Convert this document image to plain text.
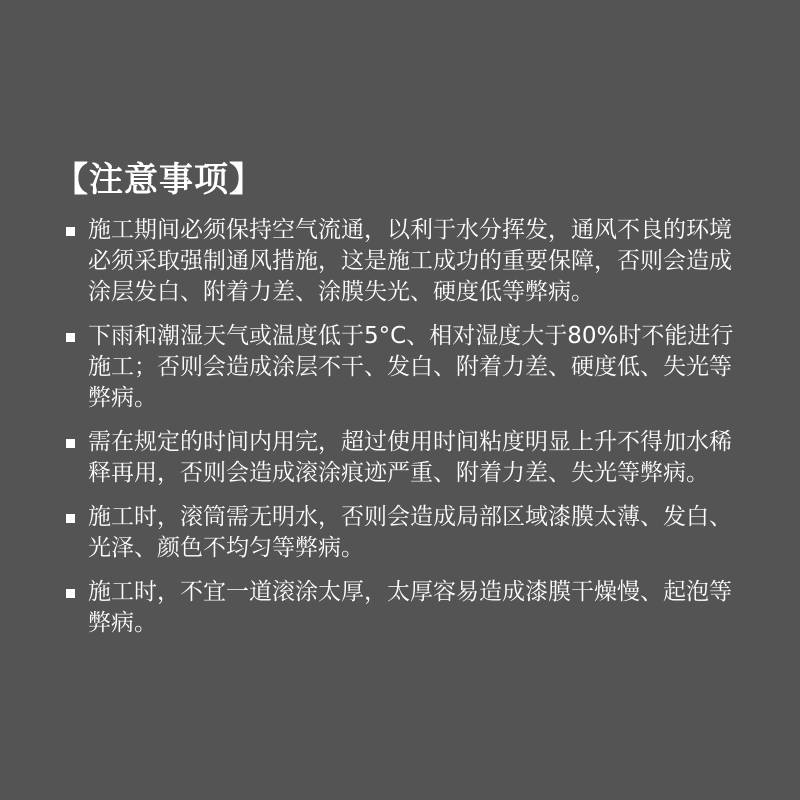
【注意事项】
施工期间必须保持空气流通，以利于水分挥发，通风不良的环境必须采取强制通风措施，这是施工成功的重要保障，否则会造成涂层发白、附着力差、涂膜失光、硬度低等弊病。
下雨和潮湿天气或温度低于5°C、相对湿度大于80%时不能进行施工；否则会造成涂层不干、发白、附着力差、硬度低、失光等弊病。
需在规定的时间内用完，超过使用时间粘度明显上升不得加水稀释再用，否则会造成滚涂痕迹严重、附着力差、失光等弊病。
施工时，滚筒需无明水，否则会造成局部区域漆膜太薄、发白、光泽、颜色不均匀等弊病。
施工时，不宜一道滚涂太厚，太厚容易造成漆膜干燥慢、起泡等弊病。
